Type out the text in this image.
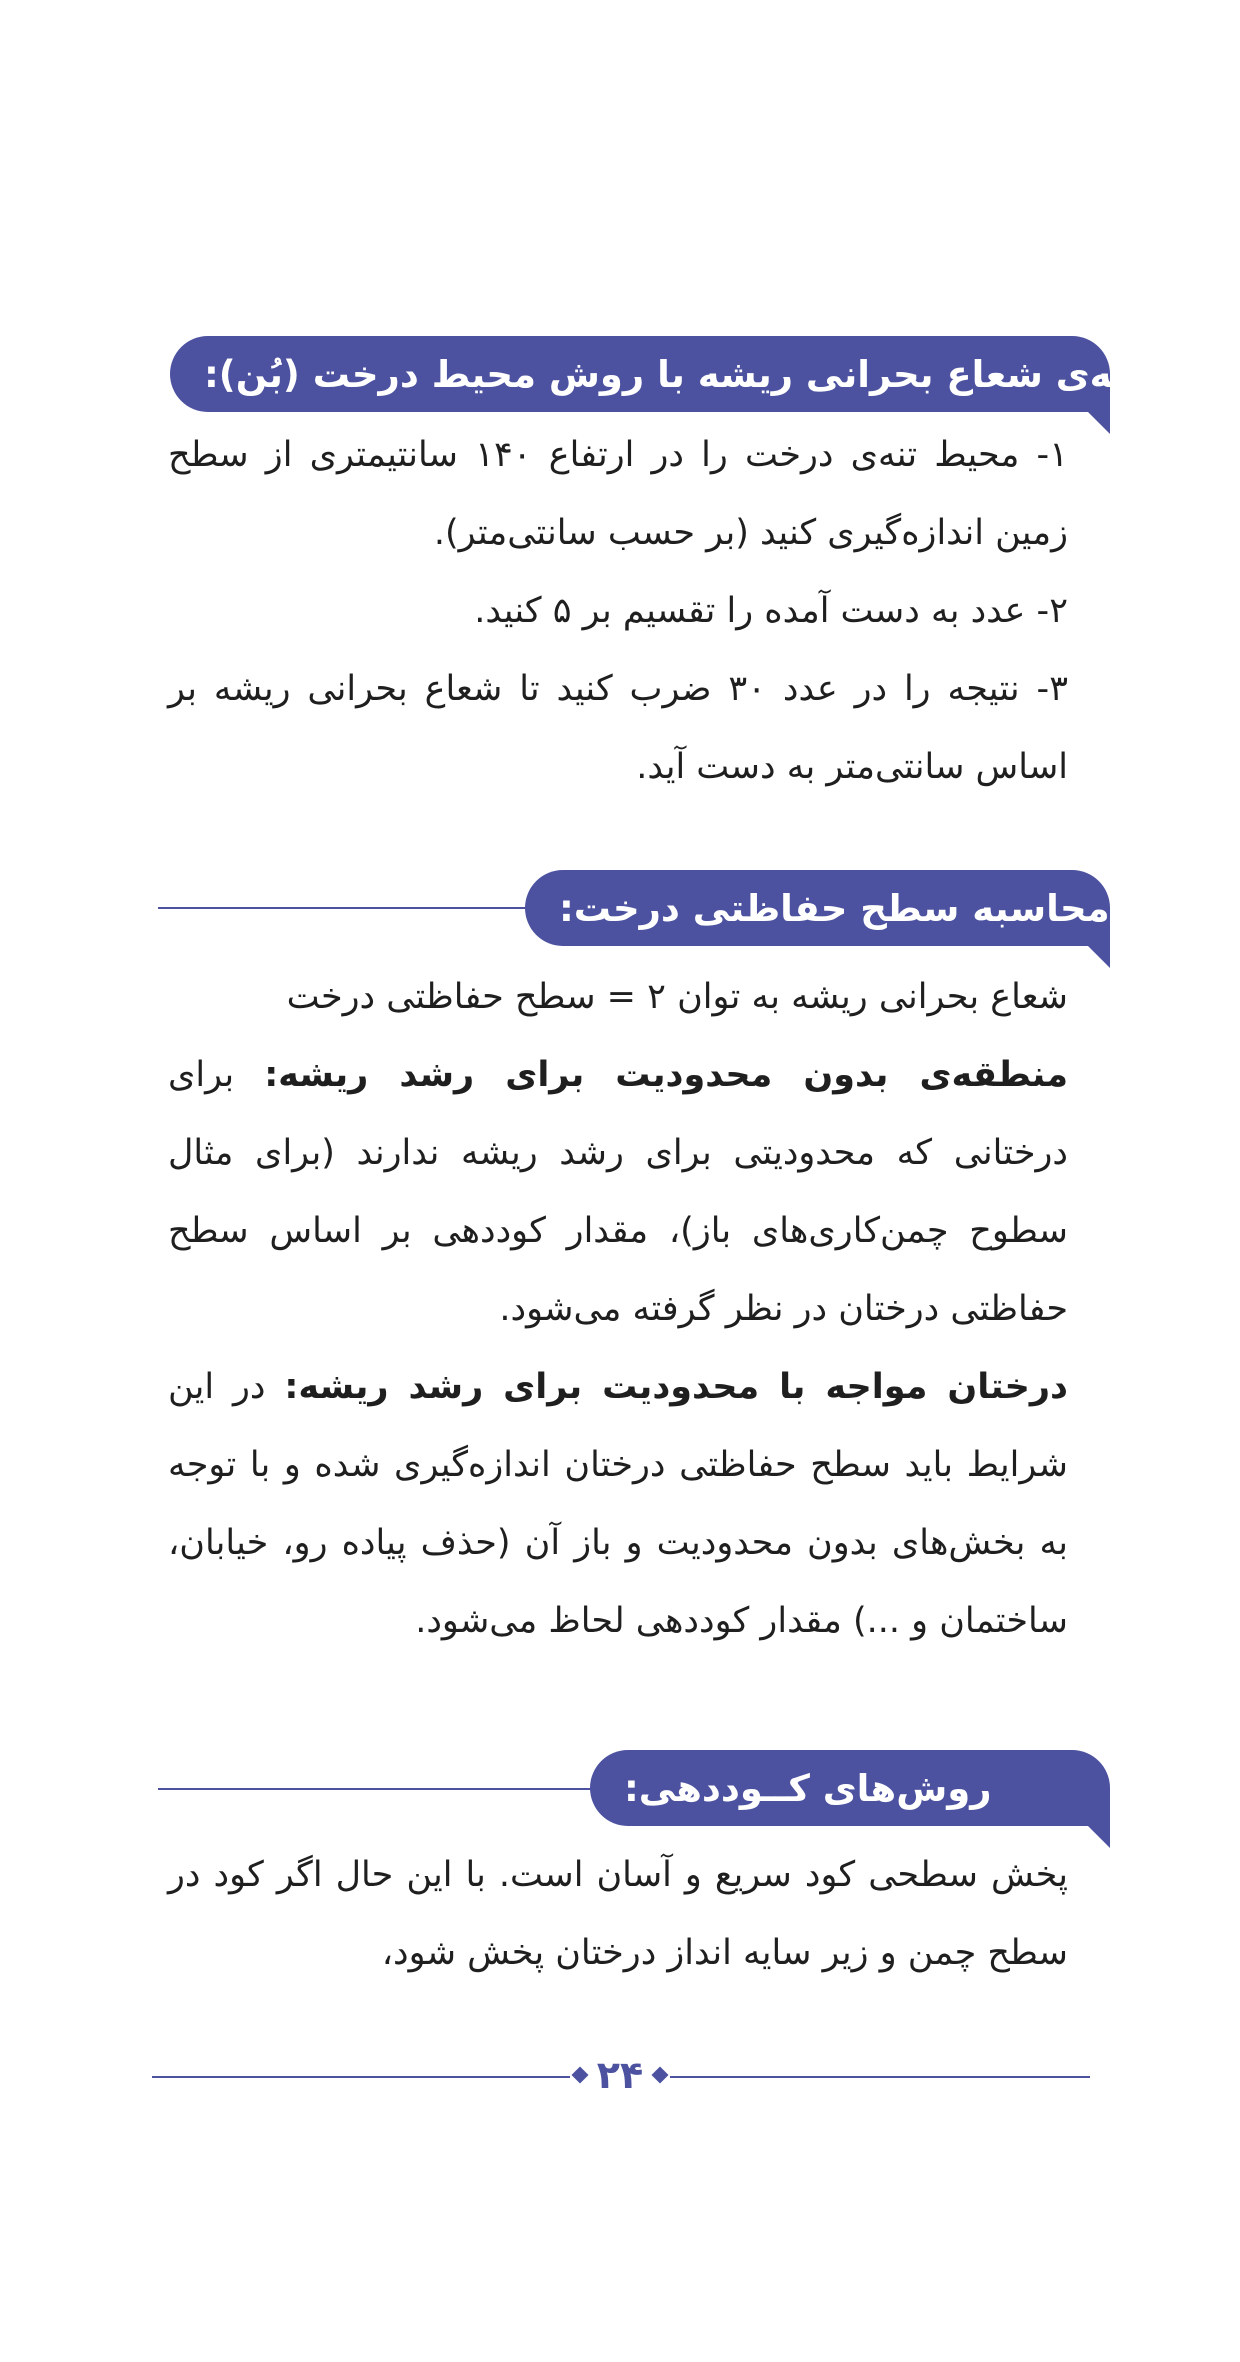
محاسبه‌ی شعاع بحرانی ریشه با روش محیط درخت (بُن):

۱- محیط تنه‌ی درخت را در ارتفاع ۱۴۰ سانتیمتری از سطح زمین اندازه‌گیری کنید (بر حسب سانتی‌متر).

۲- عدد به دست آمده را تقسیم بر ۵ کنید.

۳- نتیجه را در عدد ۳۰ ضرب کنید تا شعاع بحرانی ریشه بر اساس سانتی‌متر به دست آید.

محاسبه سطح حفاظتی درخت:

شعاع بحرانی ریشه به توان ۲ = سطح حفاظتی درخت

منطقه‌ی بدون محدودیت برای رشد ریشه: برای درختانی که محدودیتی برای رشد ریشه ندارند (برای مثال سطوح چمن‌کاری‌های باز)، مقدار کوددهی بر اساس سطح حفاظتی درختان در نظر گرفته می‌شود.

درختان مواجه با محدودیت برای رشد ریشه: در این شرایط باید سطح حفاظتی درختان اندازه‌گیری شده و با توجه به بخش‌های بدون محدودیت و باز آن (حذف پیاده رو، خیابان، ساختمان و ...) مقدار کوددهی لحاظ می‌شود.

روش‌های کــوددهی:

پخش سطحی کود سریع و آسان است. با این حال اگر کود در سطح چمن و زیر سایه انداز درختان پخش شود،

۲۴
